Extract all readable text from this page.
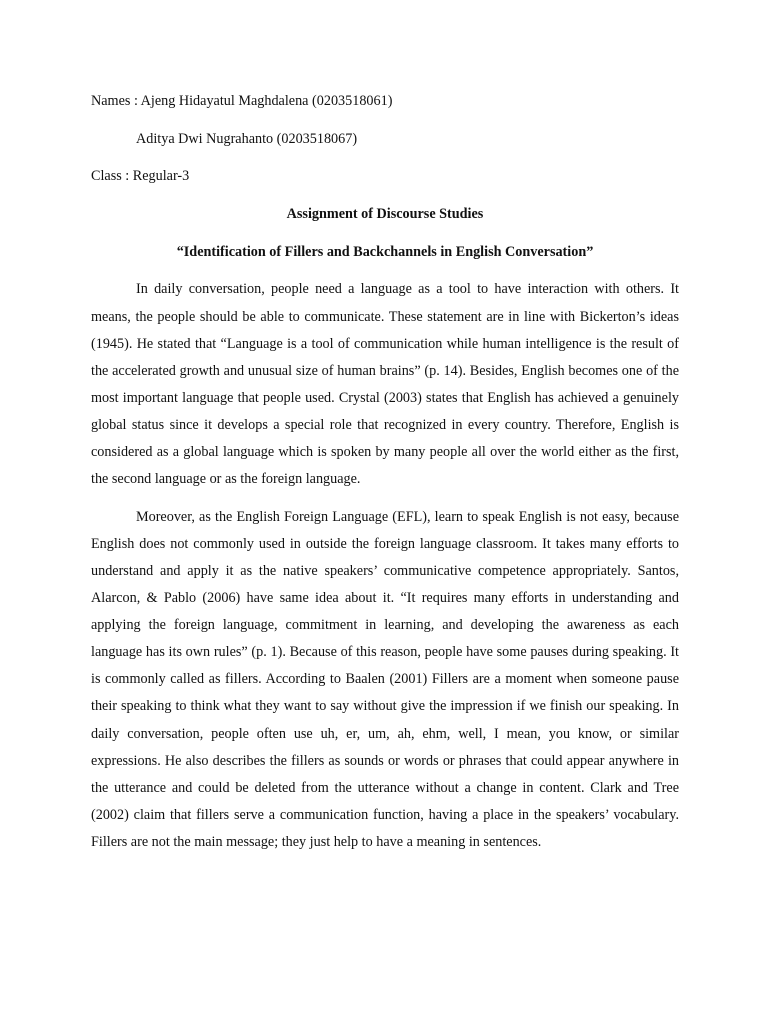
Names : Ajeng Hidayatul Maghdalena (0203518061)

Aditya Dwi Nugrahanto (0203518067)

Class : Regular-3

Assignment of Discourse Studies

“Identification of Fillers and Backchannels in English Conversation”

In daily conversation, people need a language as a tool to have interaction with others. It means, the people should be able to communicate. These statement are in line with Bickerton’s ideas (1945). He stated that “Language is a tool of communication while human intelligence is the result of the accelerated growth and unusual size of human brains” (p. 14). Besides, English becomes one of the most important language that people used. Crystal (2003) states that English has achieved a genuinely global status since it develops a special role that recognized in every country. Therefore, English is considered as a global language which is spoken by many people all over the world either as the first, the second language or as the foreign language.

Moreover, as the English Foreign Language (EFL), learn to speak English is not easy, because English does not commonly used in outside the foreign language classroom. It takes many efforts to understand and apply it as the native speakers’ communicative competence appropriately. Santos, Alarcon, & Pablo (2006) have same idea about it. “It requires many efforts in understanding and applying the foreign language, commitment in learning, and developing the awareness as each language has its own rules” (p. 1). Because of this reason, people have some pauses during speaking. It is commonly called as fillers. According to Baalen (2001) Fillers are a moment when someone pause their speaking to think what they want to say without give the impression if we finish our speaking. In daily conversation, people often use uh, er, um, ah, ehm, well, I mean, you know, or similar expressions. He also describes the fillers as sounds or words or phrases that could appear anywhere in the utterance and could be deleted from the utterance without a change in content. Clark and Tree (2002) claim that fillers serve a communication function, having a place in the speakers’ vocabulary. Fillers are not the main message; they just help to have a meaning in sentences.
